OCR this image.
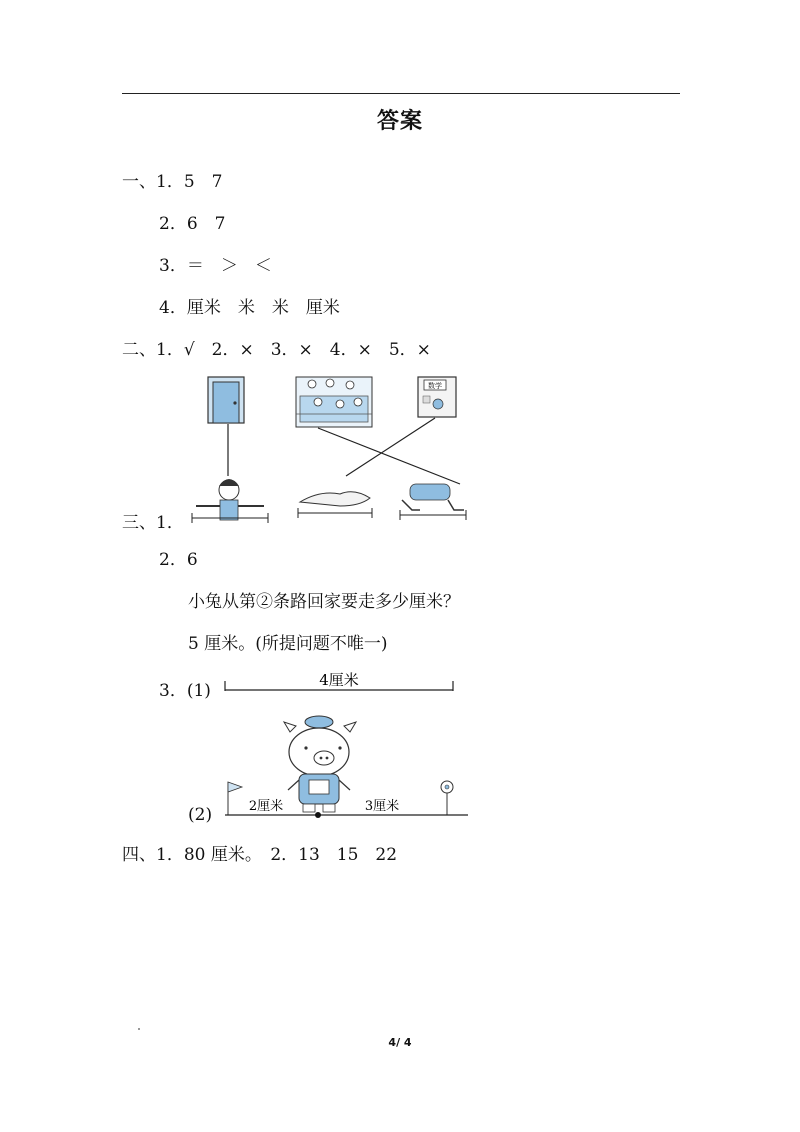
答案
一、1．5　7
2．6　7
3．＝　＞　＜
4．厘米　米　米　厘米
二、1．√　2．×　3．×　4．×　5．×
三、1．
2．6
小兔从第②条路回家要走多少厘米？
5 厘米。(所提问题不唯一)
3．(1)
(2)
四、1．80 厘米。　2．13　15　22
数学
4厘米
2厘米	3厘米
4/ 4
